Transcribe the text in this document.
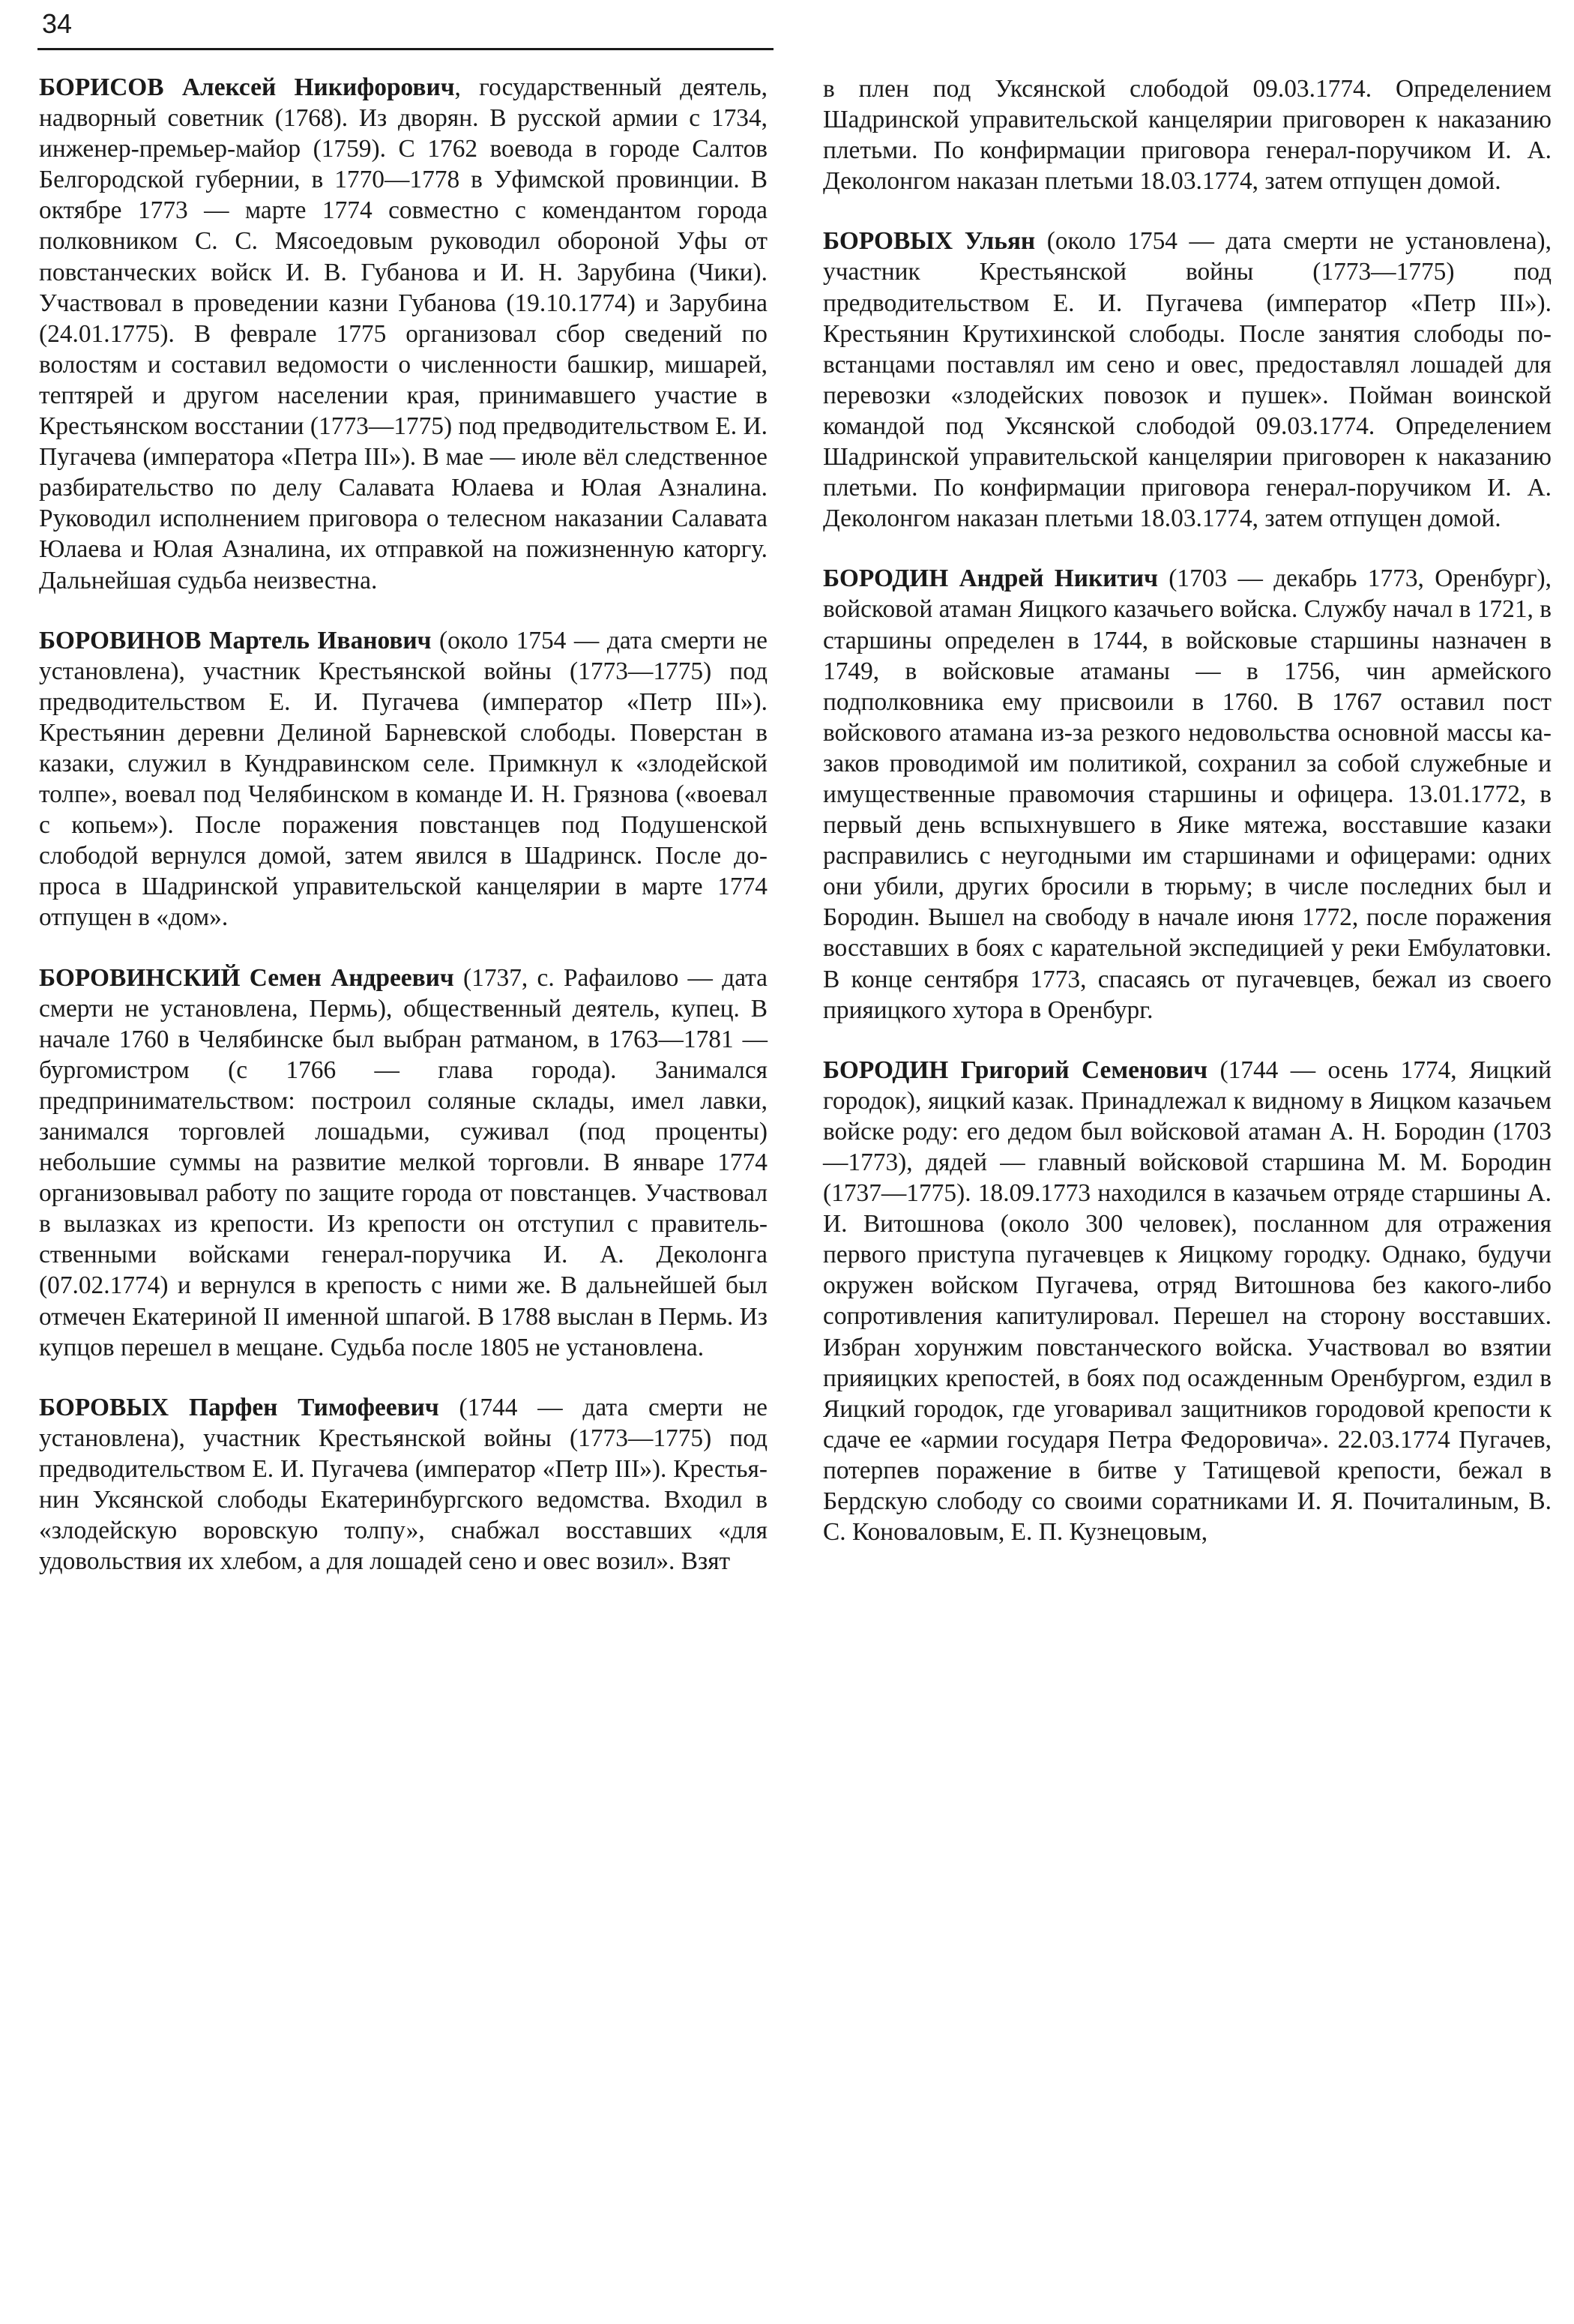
34

БОРИСОВ Алексей Никифорович, государственный деятель, надворный советник (1768). Из дворян. В русской армии с 1734, инженер-премьер-майор (1759). С 1762 воевода в городе Салтов Белгородской губернии, в 1770—1778 в Уфимской провинции. В октябре 1773 — марте 1774 совместно с комендантом города полковником С. С. Мясоедовым руководил обороной Уфы от повстанческих войск И. В. Губанова и И. Н. Зарубина (Чики). Участвовал в проведении казни Губанова (19.10.1774) и Зарубина (24.01.1775). В феврале 1775 организовал сбор сведений по волостям и составил ведомости о численности башкир, мишарей, тептярей и другом населении края, принимавшего участие в Крестьянском восстании (1773—1775) под предводительством Е. И. Пугачева (императора «Петра III»). В мае — июле вёл следственное разбирательство по делу Салавата Юлаева и Юлая Азналина. Руководил исполнением приговора о телесном наказании Салавата Юлаева и Юлая Азналина, их отправкой на пожизненную каторгу. Дальнейшая судьба неизвестна.

БОРОВИНОВ Мартель Иванович (около 1754 — дата смерти не установлена), участник Крестьянской войны (1773—1775) под предводительством Е. И. Пугачева (император «Петр III»). Крестьянин деревни Делиной Барневской слободы. Поверстан в казаки, служил в Кундравинском селе. Примкнул к «злодейской толпе», воевал под Челябинском в команде И. Н. Грязнова («воевал с копьем»). После поражения повстанцев под Подушенской слободой вернулся домой, затем явился в Шадринск. После допроса в Шадринской управительской канцелярии в марте 1774 отпущен в «дом».

БОРОВИНСКИЙ Семен Андреевич (1737, с. Рафаилово — дата смерти не установлена, Пермь), общественный деятель, купец. В начале 1760 в Челябинске был выбран ратманом, в 1763—1781 — бургомистром (с 1766 — глава города). Занимался предпринимательством: построил соляные склады, имел лавки, занимался торговлей лошадьми, суживал (под проценты) небольшие суммы на развитие мелкой торговли. В январе 1774 организовывал работу по защите города от повстанцев. Участвовал в вылазках из крепости. Из крепости он отступил с правительственными войсками генерал-поручика И. А. Деколонга (07.02.1774) и вернулся в крепость с ними же. В дальнейшей был отмечен Екатериной II именной шпагой. В 1788 выслан в Пермь. Из купцов перешел в мещане. Судьба после 1805 не установлена.

БОРОВЫХ Парфен Тимофеевич (1744 — дата смерти не установлена), участник Крестьянской войны (1773—1775) под предводительством Е. И. Пугачева (император «Петр III»). Крестьянин Уксянской слободы Екатеринбургского ведомства. Входил в «злодейскую воровскую толпу», снабжал восставших «для удовольствия их хлебом, а для лошадей сено и овес возил». Взят

в плен под Уксянской слободой 09.03.1774. Определением Шадринской управительской канцелярии приговорен к наказанию плетьми. По конфирмации приговора генерал-поручиком И. А. Деколонгом наказан плетьми 18.03.1774, затем отпущен домой.

БОРОВЫХ Ульян (около 1754 — дата смерти не установлена), участник Крестьянской войны (1773—1775) под предводительством Е. И. Пугачева (император «Петр III»). Крестьянин Крутихинской слободы. После занятия слободы повстанцами поставлял им сено и овес, предоставлял лошадей для перевозки «злодейских повозок и пушек». Пойман воинской командой под Уксянской слободой 09.03.1774. Определением Шадринской управительской канцелярии приговорен к наказанию плетьми. По конфирмации приговора генерал-поручиком И. А. Деколонгом наказан плетьми 18.03.1774, затем отпущен домой.

БОРОДИН Андрей Никитич (1703 — декабрь 1773, Оренбург), войсковой атаман Яицкого казачьего войска. Службу начал в 1721, в старшины определен в 1744, в войсковые старшины назначен в 1749, в войсковые атаманы — в 1756, чин армейского подполковника ему присвоили в 1760. В 1767 оставил пост войскового атамана из-за резкого недовольства основной массы казаков проводимой им политикой, сохранил за собой служебные и имущественные правомочия старшины и офицера. 13.01.1772, в первый день вспыхнувшего в Яике мятежа, восставшие казаки расправились с неугодными им старшинами и офицерами: одних они убили, других бросили в тюрьму; в числе последних был и Бородин. Вышел на свободу в начале июня 1772, после поражения восставших в боях с карательной экспедицией у реки Ембулатовки. В конце сентября 1773, спасаясь от пугачевцев, бежал из своего прияицкого хутора в Оренбург.

БОРОДИН Григорий Семенович (1744 — осень 1774, Яицкий городок), яицкий казак. Принадлежал к видному в Яицком казачьем войске роду: его дедом был войсковой атаман А. Н. Бородин (1703—1773), дядей — главный войсковой старшина М. М. Бородин (1737—1775). 18.09.1773 находился в казачьем отряде старшины А. И. Витошнова (около 300 человек), посланном для отражения первого приступа пугачевцев к Яицкому городку. Однако, будучи окружен войском Пугачева, отряд Витошнова без какого-либо сопротивления капитулировал. Перешел на сторону восставших. Избран хорунжим повстанческого войска. Участвовал во взятии прияицких крепостей, в боях под осажденным Оренбургом, ездил в Яицкий городок, где уговаривал защитников городовой крепости к сдаче ее «армии государя Петра Федоровича». 22.03.1774 Пугачев, потерпев поражение в битве у Татищевой крепости, бежал в Бердскую слободу со своими соратниками И. Я. Почиталиным, В. С. Коноваловым, Е. П. Кузнецовым,
